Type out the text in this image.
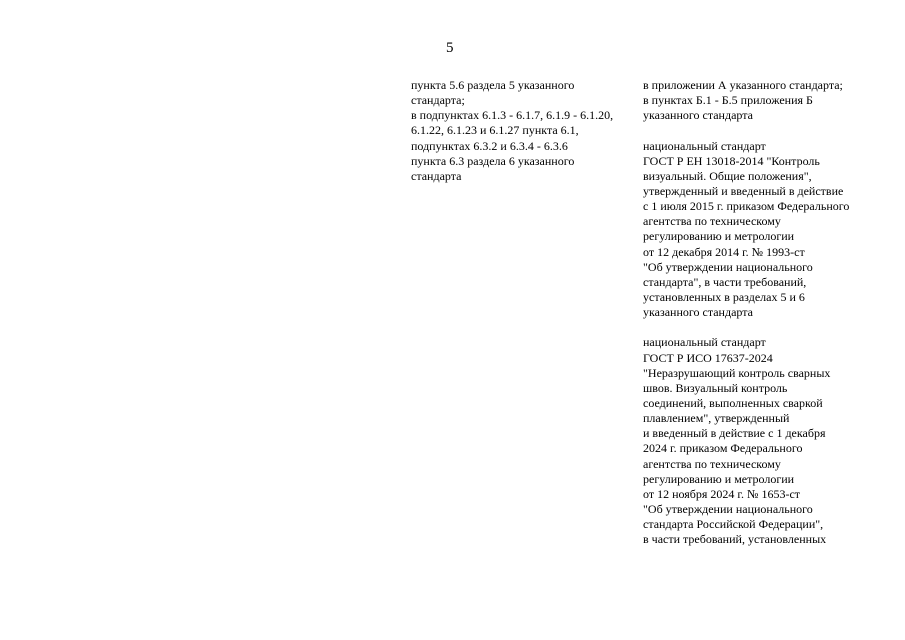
5
пункта 5.6 раздела 5 указанного
стандарта;
в подпунктах 6.1.3 - 6.1.7, 6.1.9 - 6.1.20,
6.1.22, 6.1.23 и 6.1.27 пункта 6.1,
подпунктах 6.3.2 и 6.3.4 - 6.3.6
пункта 6.3 раздела 6 указанного
стандарта
в приложении А указанного стандарта;
в пунктах Б.1 - Б.5 приложения Б
указанного стандарта
национальный стандарт
ГОСТ Р ЕН 13018-2014 "Контроль
визуальный. Общие положения",
утвержденный и введенный в действие
с 1 июля 2015 г. приказом Федерального
агентства по техническому
регулированию и метрологии
от 12 декабря 2014 г. № 1993-ст
"Об утверждении национального
стандарта", в части требований,
установленных в разделах 5 и 6
указанного стандарта
национальный стандарт
ГОСТ Р ИСО 17637-2024
"Неразрушающий контроль сварных
швов. Визуальный контроль
соединений, выполненных сваркой
плавлением", утвержденный
и введенный в действие с 1 декабря
2024 г. приказом Федерального
агентства по техническому
регулированию и метрологии
от 12 ноября 2024 г. № 1653-ст
"Об утверждении национального
стандарта Российской Федерации",
в части требований, установленных
